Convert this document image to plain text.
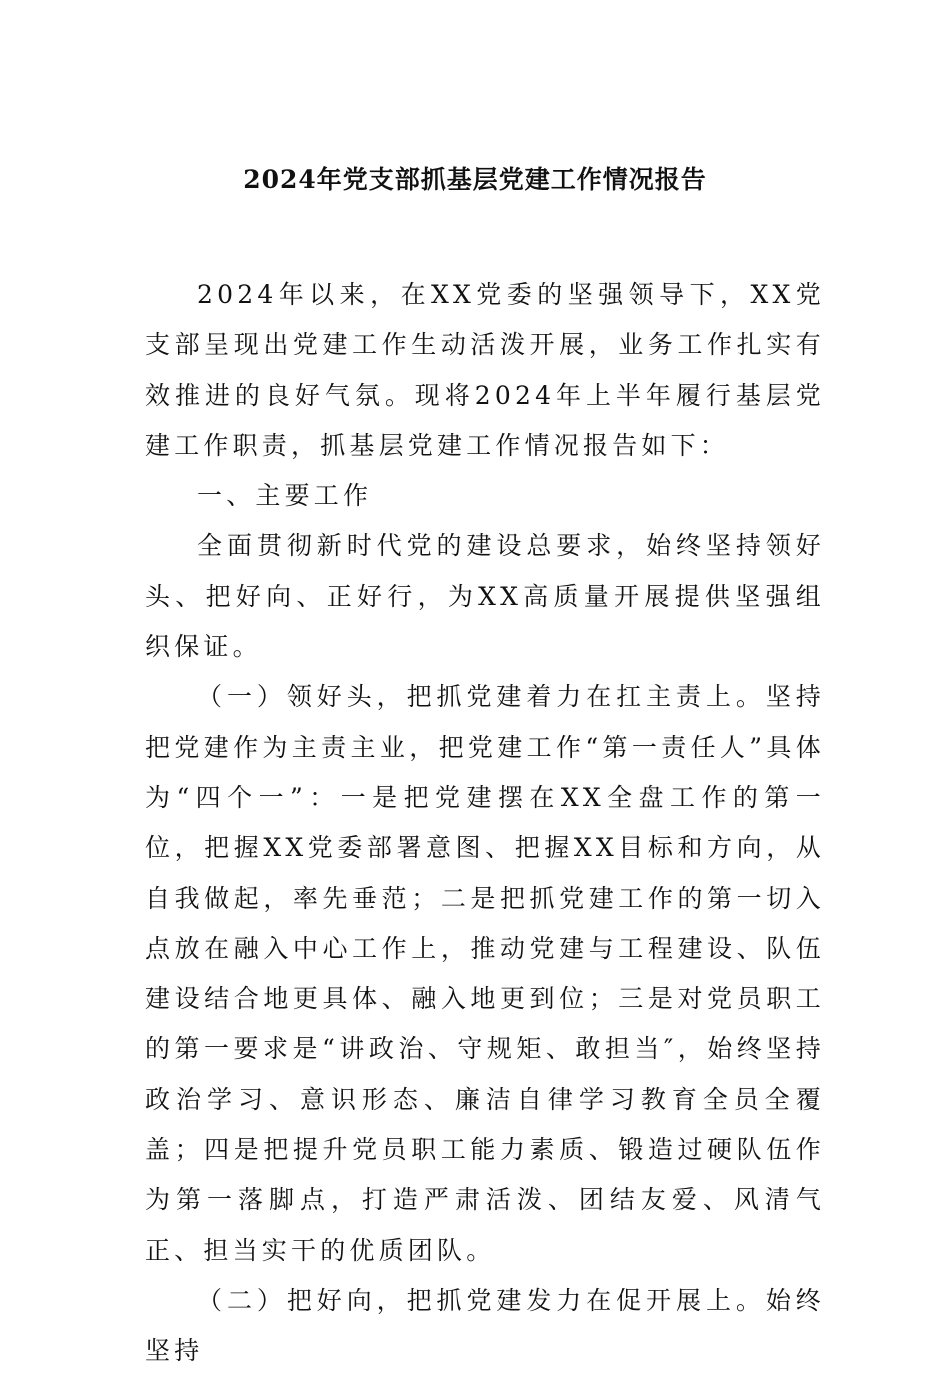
2024年党支部抓基层党建工作情况报告

2024年以来，在XX党委的坚强领导下，XX党支部呈现出党建工作生动活泼开展，业务工作扎实有效推进的良好气氛。现将2024年上半年履行基层党建工作职责，抓基层党建工作情况报告如下：

一、主要工作

全面贯彻新时代党的建设总要求，始终坚持领好头、把好向、正好行，为XX高质量开展提供坚强组织保证。

（一）领好头，把抓党建着力在扛主责上。坚持把党建作为主责主业，把党建工作“第一责任人”具体为“四个一”：一是把党建摆在XX全盘工作的第一位，把握XX党委部署意图、把握XX目标和方向，从自我做起，率先垂范；二是把抓党建工作的第一切入点放在融入中心工作上，推动党建与工程建设、队伍建设结合地更具体、融入地更到位；三是对党员职工的第一要求是“讲政治、守规矩、敢担当″，始终坚持政治学习、意识形态、廉洁自律学习教育全员全覆盖；四是把提升党员职工能力素质、锻造过硬队伍作为第一落脚点，打造严肃活泼、团结友爱、风清气正、担当实干的优质团队。

（二）把好向，把抓党建发力在促开展上。始终坚持
